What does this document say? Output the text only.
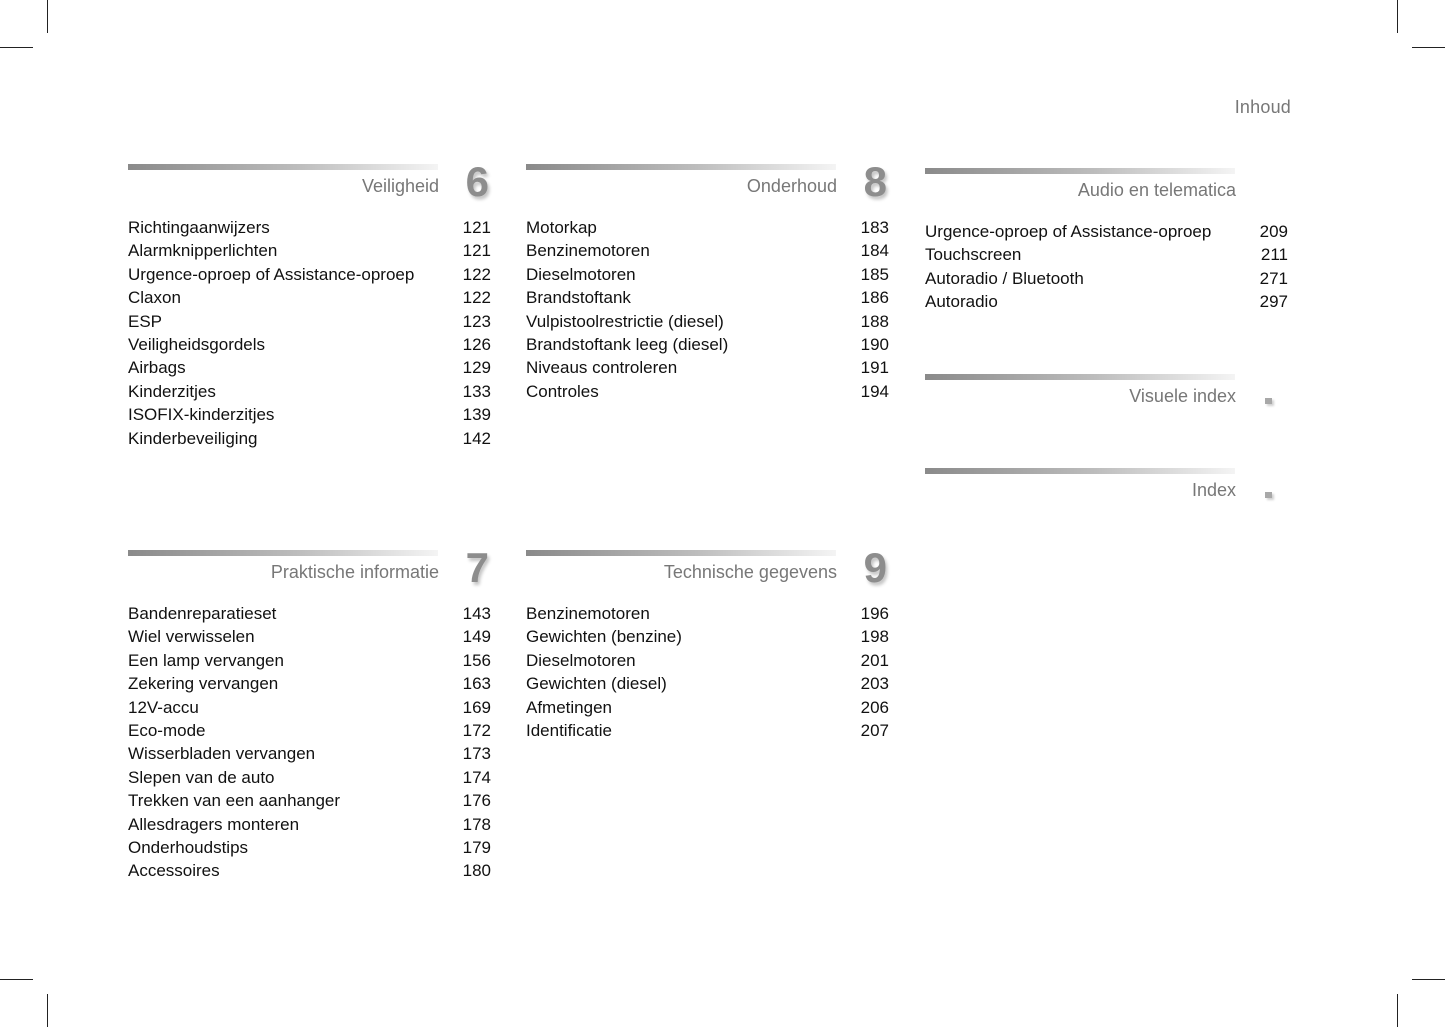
Inhoud
Veiligheid 6
Richtingaanwijzers	121
Alarmknipperlichten	121
Urgence-oproep of Assistance-oproep	122
Claxon	122
ESP	123
Veiligheidsgordels	126
Airbags	129
Kinderzitjes	133
ISOFIX-kinderzitjes	139
Kinderbeveiliging	142
Onderhoud 8
Motorkap	183
Benzinemotoren	184
Dieselmotoren	185
Brandstoftank	186
Vulpistoolrestrictie (diesel)	188
Brandstoftank leeg (diesel)	190
Niveaus controleren	191
Controles	194
Audio en telematica
Urgence-oproep of Assistance-oproep	209
Touchscreen	211
Autoradio / Bluetooth	271
Autoradio	297
Visuele index
Index
Praktische informatie 7
Bandenreparatieset	143
Wiel verwisselen	149
Een lamp vervangen	156
Zekering vervangen	163
12V-accu	169
Eco-mode	172
Wisserbladen vervangen	173
Slepen van de auto	174
Trekken van een aanhanger	176
Allesdragers monteren	178
Onderhoudstips	179
Accessoires	180
Technische gegevens 9
Benzinemotoren	196
Gewichten (benzine)	198
Dieselmotoren	201
Gewichten (diesel)	203
Afmetingen	206
Identificatie	207
